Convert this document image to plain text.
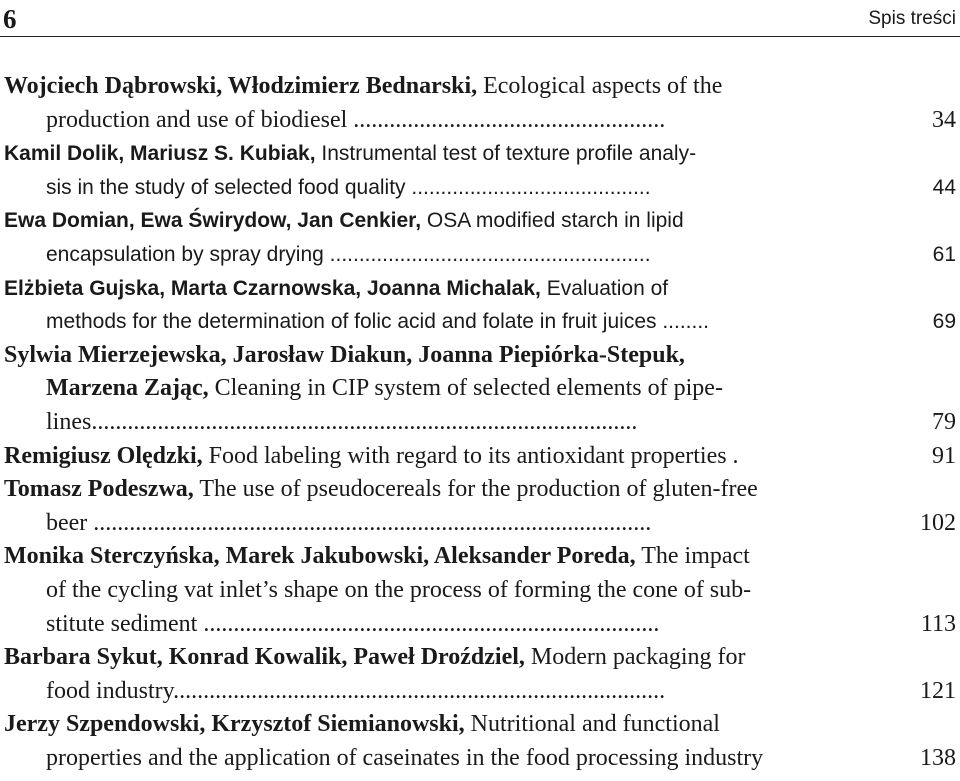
6	Spis treści
Wojciech Dąbrowski, Włodzimierz Bednarski, Ecological aspects of the
production and use of biodiesel ....................................................	34
Kamil Dolik, Mariusz S. Kubiak, Instrumental test of texture profile analy-
sis in the study of selected food quality .........................................	44
Ewa Domian, Ewa Świrydow, Jan Cenkier, OSA modified starch in lipid
encapsulation by spray drying .......................................................	61
Elżbieta Gujska, Marta Czarnowska, Joanna Michalak, Evaluation of
methods for the determination of folic acid and folate in fruit juices ........	69
Sylwia Mierzejewska, Jarosław Diakun, Joanna Piepiórka-Stepuk,
Marzena Zając, Cleaning in CIP system of selected elements of pipe-
lines...........................................................................................	79
Remigiusz Olędzki, Food labeling with regard to its antioxidant properties .	91
Tomasz Podeszwa, The use of pseudocereals for the production of gluten-free
beer .............................................................................................	102
Monika Sterczyńska, Marek Jakubowski, Aleksander Poreda, The impact
of the cycling vat inlet’s shape on the process of forming the cone of sub-
stitute sediment ............................................................................	113
Barbara Sykut, Konrad Kowalik, Paweł Droździel, Modern packaging for
food industry..................................................................................	121
Jerzy Szpendowski, Krzysztof Siemianowski, Nutritional and functional
properties and the application of caseinates in the food processing industry	138
